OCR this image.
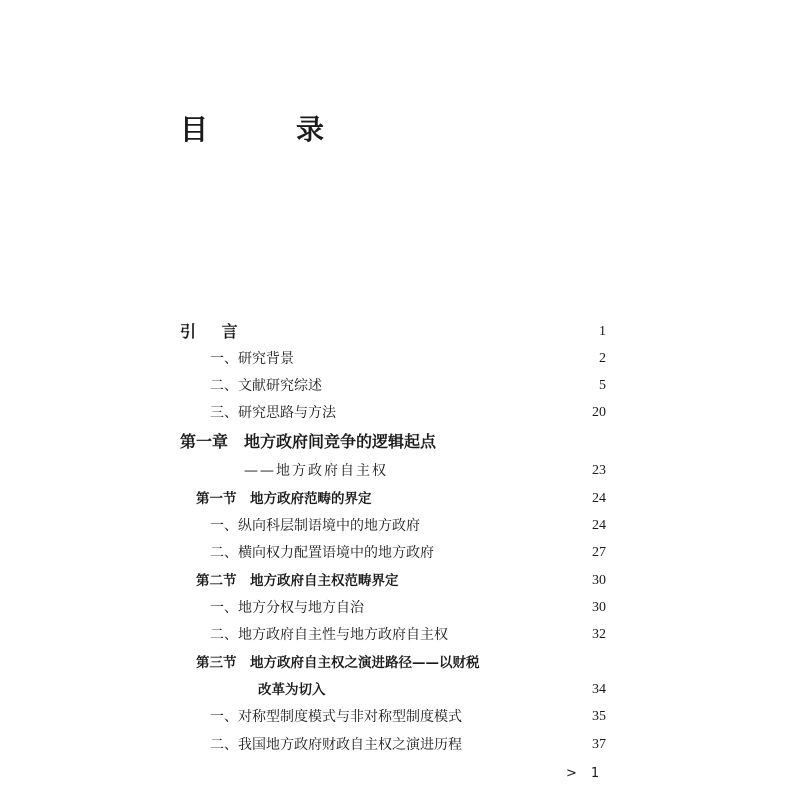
目　录
引 言	1
一、研究背景	2
二、文献研究综述	5
三、研究思路与方法	20
第一章　地方政府间竞争的逻辑起点
——地方政府自主权	23
第一节　地方政府范畴的界定	24
一、纵向科层制语境中的地方政府	24
二、横向权力配置语境中的地方政府	27
第二节　地方政府自主权范畴界定	30
一、地方分权与地方自治	30
二、地方政府自主性与地方政府自主权	32
第三节　地方政府自主权之演进路径——以财税
改革为切入	34
一、对称型制度模式与非对称型制度模式	35
二、我国地方政府财政自主权之演进历程	37
> 1
